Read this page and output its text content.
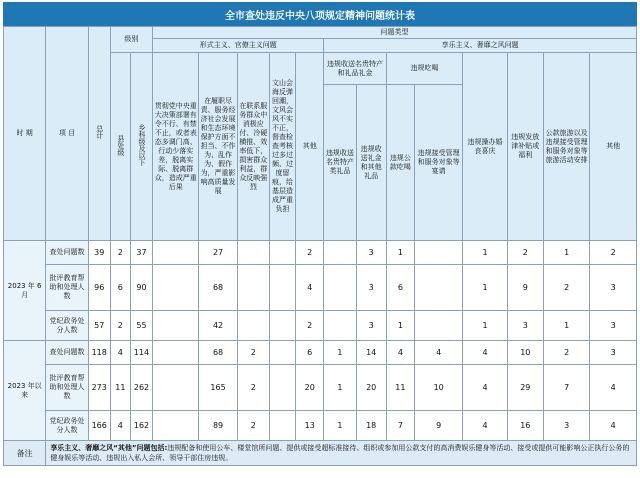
全市查处违反中央八项规定精神问题统计表
时 期	项 目	总计	级别		问题类型												
					形式主义、官僚主义问题					享乐主义、奢靡之风问题							
			县处级	乡科级及以下	贯彻党中央重大决策部署有令不行、有禁不止，或者表态多调门高、行动少落实差，脱离实际、脱离群众，造成严重后果	在履职尽责、服务经济社会发展和生态环境保护方面不担当、不作为、乱作为、假作为，严重影响高质量发展	在联系服务群众中消极应付、冷硬横推、效率低下，损害群众利益，群众反映强烈	文山会海反弹回潮，文风会风不实不正，督查检查考核过多过频、过度留痕，给基层造成严重负担	其他	违规收送名贵特产和礼品礼金		违规吃喝		违规操办婚丧喜庆	违规发放津补贴或福利	公款旅游以及违规接受管理和服务对象等旅游活动安排	其他
										违规收送名贵特产类礼品	违规收送礼金和其他礼品	违规公款吃喝	违规接受管理和服务对象等宴请				
2023 年 6 月	查处问题数	39	2	37		27			2		3	1		1	2	1	2
	批评教育帮助和处理人数	96	6	90		68			4		3	6		1	9	2	3
	党纪政务处分人数	57	2	55		42			2		3	1		1	3	1	3
2023 年以来	查处问题数	118	4	114		68	2		6	1	14	4	4	4	10	2	3
	批评教育帮助和处理人数	273	11	262		165	2		20	1	20	11	10	4	29	7	4
	党纪政务处分人数	166	4	162		89	2		13	1	18	7	9	4	16	3	4
备注	享乐主义、奢靡之风“其他”问题包括:违规配备和使用公车、楼堂馆所问题、提供或接受超标准接待、组织或参加用公款支付的高消费娱乐健身等活动、接受或提供可能影响公正执行公务的健身娱乐等活动、违规出入私人会所、领导干部住房违规。																
